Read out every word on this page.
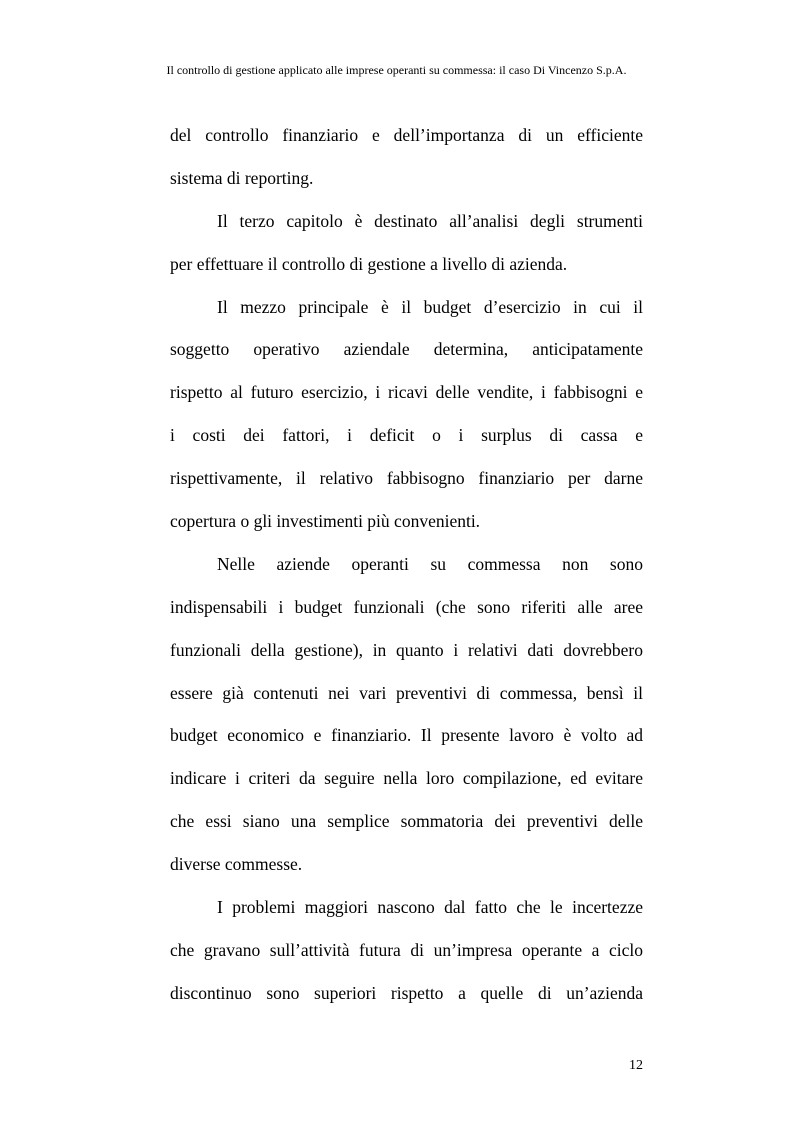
Il controllo di gestione applicato alle imprese operanti su commessa: il caso Di Vincenzo S.p.A.

del controllo finanziario e dell’importanza di un efficiente
sistema di reporting.

Il terzo capitolo è destinato all’analisi degli strumenti
per effettuare il controllo di gestione a livello di azienda.

Il mezzo principale è il budget d’esercizio in cui il
soggetto operativo aziendale determina, anticipatamente
rispetto al futuro esercizio, i ricavi delle vendite, i fabbisogni e
i costi dei fattori, i deficit o i surplus di cassa e
rispettivamente, il relativo fabbisogno finanziario per darne
copertura o gli investimenti più convenienti.

Nelle aziende operanti su commessa non sono
indispensabili i budget funzionali (che sono riferiti alle aree
funzionali della gestione), in quanto i relativi dati dovrebbero
essere già contenuti nei vari preventivi di commessa, bensì il
budget economico e finanziario. Il presente lavoro è volto ad
indicare i criteri da seguire nella loro compilazione, ed evitare
che essi siano una semplice sommatoria dei preventivi delle
diverse commesse.

I problemi maggiori nascono dal fatto che le incertezze
che gravano sull’attività futura di un’impresa operante a ciclo
discontinuo sono superiori rispetto a quelle di un’azienda

12
